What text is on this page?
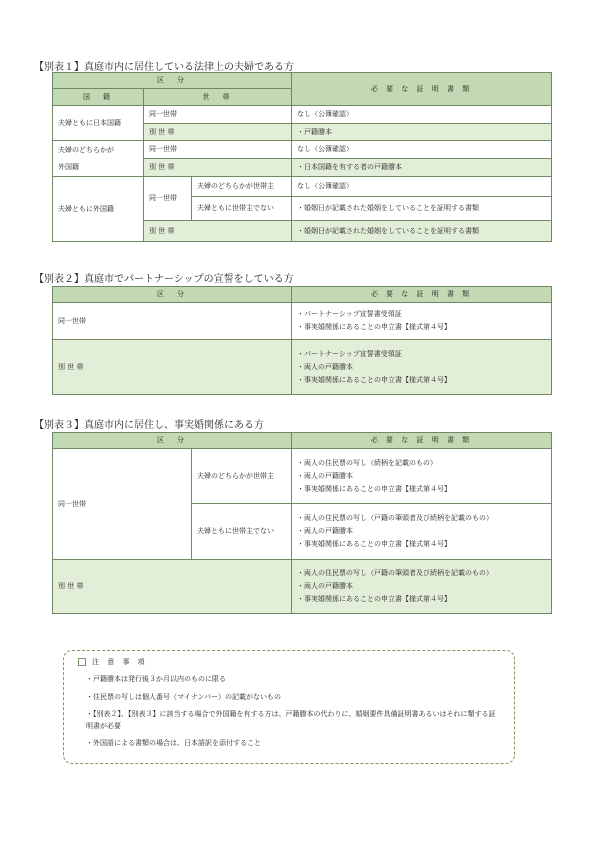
【別表１】真庭市内に居住している法律上の夫婦である方
区　分			必 要 な 証 明 書 類
国　籍	世　帯		
夫婦ともに日本国籍	同一世帯		なし（公簿確認）
	別 世 帯		・戸籍謄本

夫婦のどちらかが
外国籍	同一世帯		なし（公簿確認）
	別 世 帯		・日本国籍を有する者の戸籍謄本
夫婦ともに外国籍	同一世帯	夫婦のどちらかが世帯主	なし（公簿確認）
		夫婦ともに世帯主でない	・婚姻日が記載された婚姻をしていることを証明する書類
	別 世 帯		・婚姻日が記載された婚姻をしていることを証明する書類
【別表２】真庭市でパートナーシップの宣誓をしている方
区　分	必 要 な 証 明 書 類
同一世帯	・パートナーシップ宣誓書受領証
・事実婚関係にあることの申立書【様式第４号】

別 世 帯	・パートナーシップ宣誓書受領証
・両人の戸籍謄本
・事実婚関係にあることの申立書【様式第４号】
【別表３】真庭市内に居住し、事実婚関係にある方
区　分		必 要 な 証 明 書 類
同一世帯	夫婦のどちらかが世帯主	・両人の住民票の写し（続柄を記載のもの）
・両人の戸籍謄本
・事実婚関係にあることの申立書【様式第４号】

	夫婦ともに世帯主でない	・両人の住民票の写し（戸籍の筆頭者及び続柄を記載のもの）
・両人の戸籍謄本
・事実婚関係にあることの申立書【様式第４号】

別 世 帯		・両人の住民票の写し（戸籍の筆頭者及び続柄を記載のもの）
・両人の戸籍謄本
・事実婚関係にあることの申立書【様式第４号】
注 意 事 項
・戸籍謄本は発行後３か月以内のものに限る
・住民票の写しは個人番号（マイナンバー）の記載がないもの
・【別表２】、【別表３】に該当する場合で外国籍を有する方は、戸籍謄本の代わりに、婚姻要件具備証明書あるいはそれに類する証明書が必要
・外国語による書類の場合は、日本語訳を添付すること
